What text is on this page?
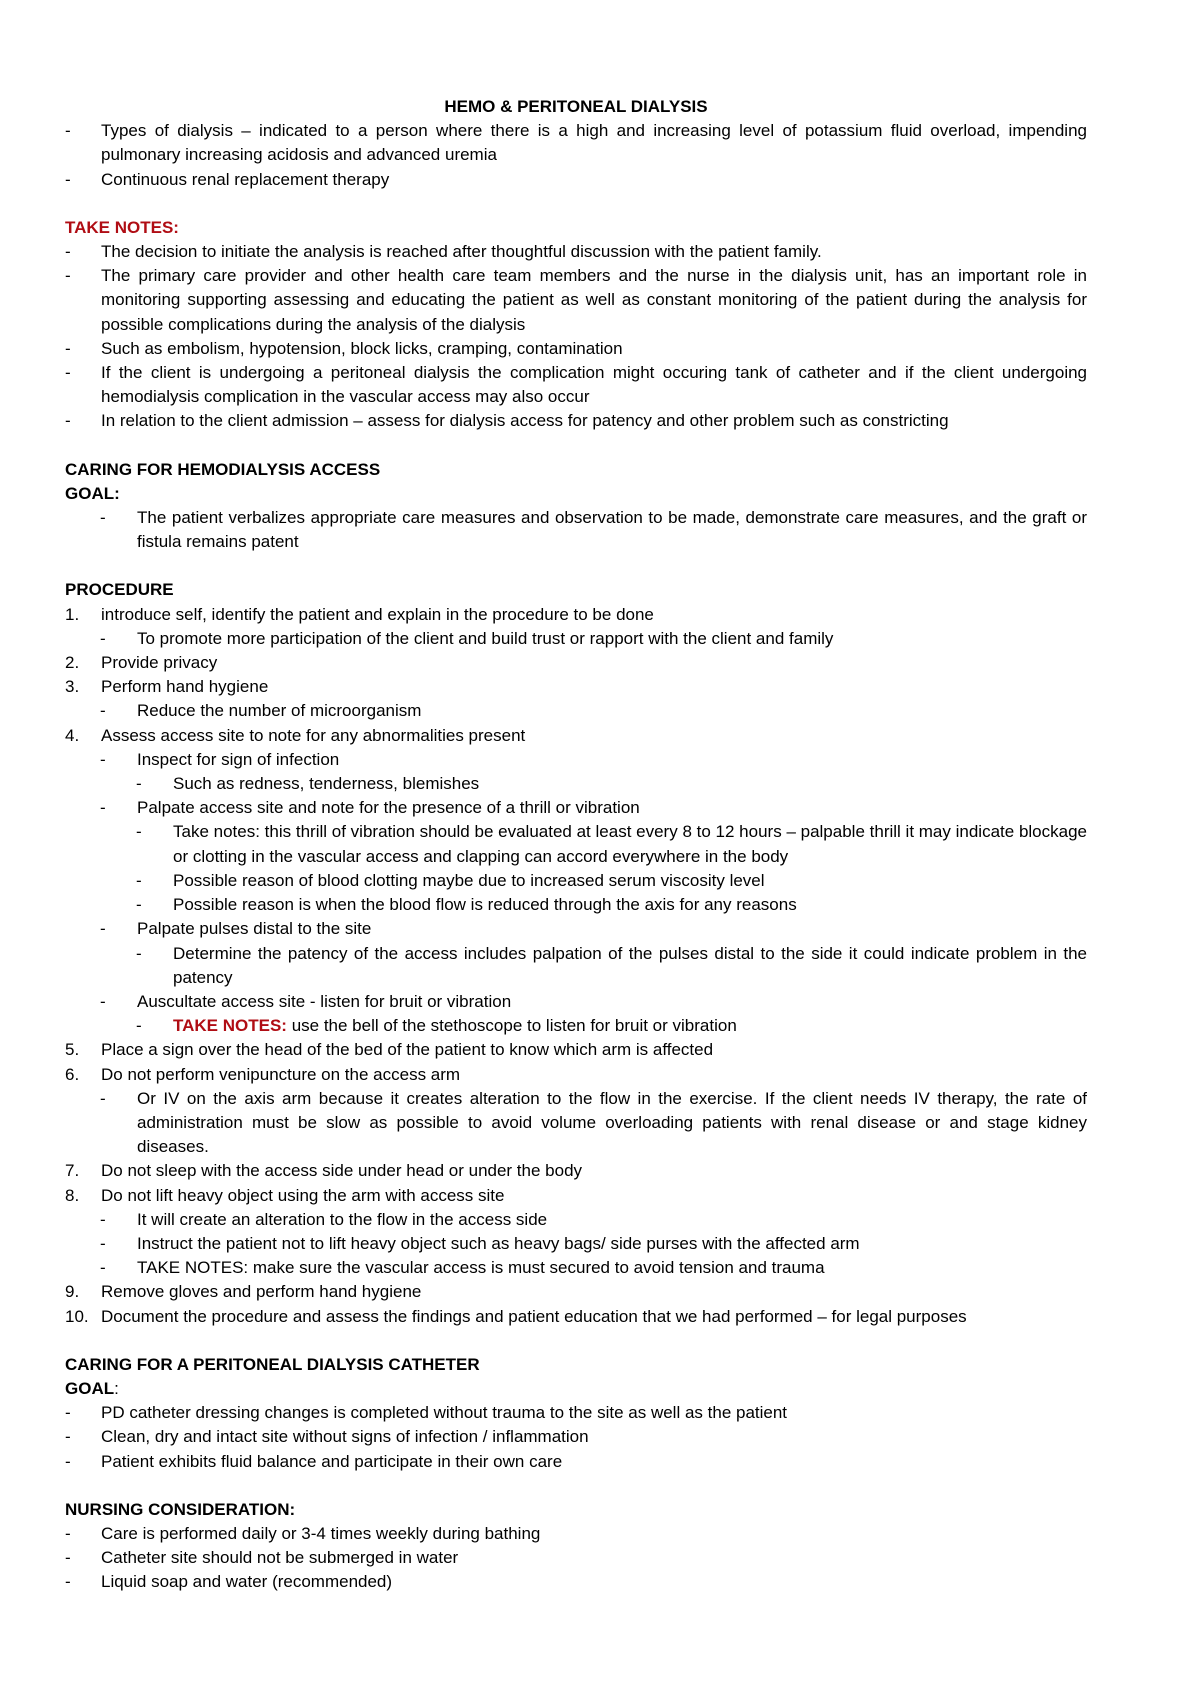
HEMO & PERITONEAL DIALYSIS
- Types of dialysis – indicated to a person where there is a high and increasing level of potassium fluid overload, impending pulmonary increasing acidosis and advanced uremia
- Continuous renal replacement therapy
TAKE NOTES:
- The decision to initiate the analysis is reached after thoughtful discussion with the patient family.
- The primary care provider and other health care team members and the nurse in the dialysis unit, has an important role in monitoring supporting assessing and educating the patient as well as constant monitoring of the patient during the analysis for possible complications during the analysis of the dialysis
- Such as embolism, hypotension, block licks, cramping, contamination
- If the client is undergoing a peritoneal dialysis the complication might occuring tank of catheter and if the client undergoing hemodialysis complication in the vascular access may also occur
- In relation to the client admission – assess for dialysis access for patency and other problem such as constricting
CARING FOR HEMODIALYSIS ACCESS
GOAL:
- The patient verbalizes appropriate care measures and observation to be made, demonstrate care measures, and the graft or fistula remains patent
PROCEDURE
1. introduce self, identify the patient and explain in the procedure to be done
- To promote more participation of the client and build trust or rapport with the client and family
2. Provide privacy
3. Perform hand hygiene
- Reduce the number of microorganism
4. Assess access site to note for any abnormalities present
- Inspect for sign of infection
- Such as redness, tenderness, blemishes
- Palpate access site and note for the presence of a thrill or vibration
- Take notes: this thrill of vibration should be evaluated at least every 8 to 12 hours – palpable thrill it may indicate blockage or clotting in the vascular access and clapping can accord everywhere in the body
- Possible reason of blood clotting maybe due to increased serum viscosity level
- Possible reason is when the blood flow is reduced through the axis for any reasons
- Palpate pulses distal to the site
- Determine the patency of the access includes palpation of the pulses distal to the side it could indicate problem in the patency
- Auscultate access site - listen for bruit or vibration
- TAKE NOTES: use the bell of the stethoscope to listen for bruit or vibration
5. Place a sign over the head of the bed of the patient to know which arm is affected
6. Do not perform venipuncture on the access arm
- Or IV on the axis arm because it creates alteration to the flow in the exercise. If the client needs IV therapy, the rate of administration must be slow as possible to avoid volume overloading patients with renal disease or and stage kidney diseases.
7. Do not sleep with the access side under head or under the body
8. Do not lift heavy object using the arm with access site
- It will create an alteration to the flow in the access side
- Instruct the patient not to lift heavy object such as heavy bags/ side purses with the affected arm
- TAKE NOTES: make sure the vascular access is must secured to avoid tension and trauma
9. Remove gloves and perform hand hygiene
10. Document the procedure and assess the findings and patient education that we had performed – for legal purposes
CARING FOR A PERITONEAL DIALYSIS CATHETER
GOAL:
- PD catheter dressing changes is completed without trauma to the site as well as the patient
- Clean, dry and intact site without signs of infection / inflammation
- Patient exhibits fluid balance and participate in their own care
NURSING CONSIDERATION:
- Care is performed daily or 3-4 times weekly during bathing
- Catheter site should not be submerged in water
- Liquid soap and water (recommended)
